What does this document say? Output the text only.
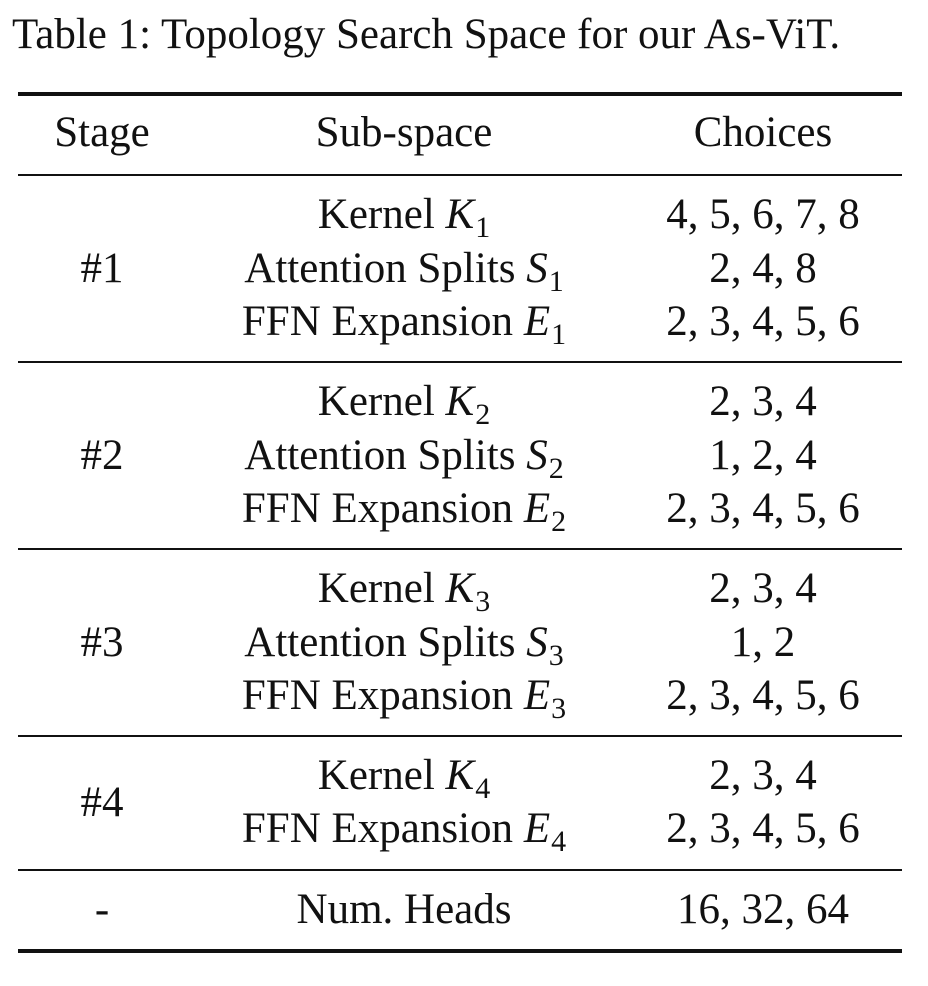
Table 1: Topology Search Space for our As-ViT.
Stage	Sub-space	Choices
#1
Kernel $K_1$	4, 5, 6, 7, 8
Attention Splits $S_1$	2, 4, 8
FFN Expansion $E_1$	2, 3, 4, 5, 6
#2
Kernel $K_2$	2, 3, 4
Attention Splits $S_2$	1, 2, 4
FFN Expansion $E_2$	2, 3, 4, 5, 6
#3
Kernel $K_3$	2, 3, 4
Attention Splits $S_3$	1, 2
FFN Expansion $E_3$	2, 3, 4, 5, 6
#4
Kernel $K_4$	2, 3, 4
FFN Expansion $E_4$	2, 3, 4, 5, 6
-	Num. Heads	16, 32, 64
